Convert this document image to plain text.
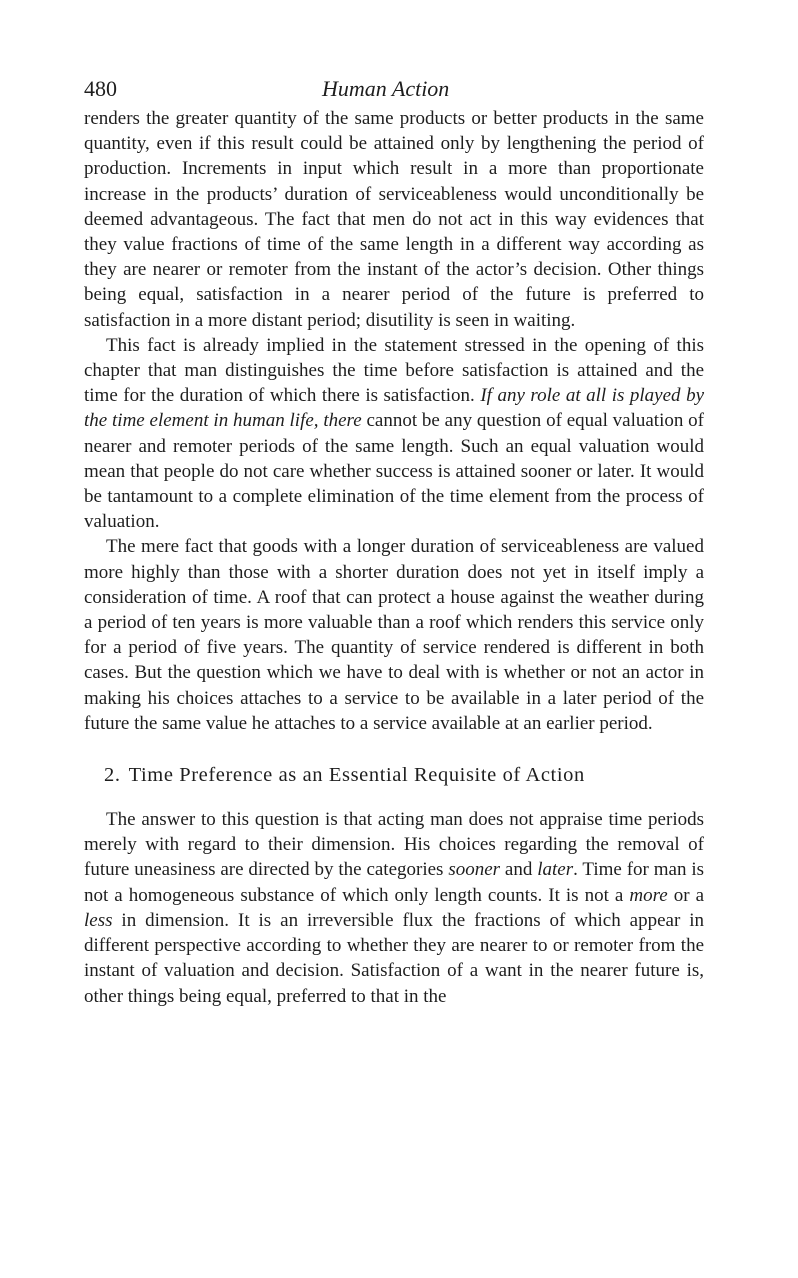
480	Human Action

renders the greater quantity of the same products or better products in the same quantity, even if this result could be attained only by lengthening the period of production. Increments in input which result in a more than proportionate increase in the products’ duration of serviceableness would unconditionally be deemed advantageous. The fact that men do not act in this way evidences that they value fractions of time of the same length in a different way according as they are nearer or remoter from the instant of the actor’s decision. Other things being equal, satisfaction in a nearer period of the future is preferred to satisfaction in a more distant period; disutility is seen in waiting.

This fact is already implied in the statement stressed in the opening of this chapter that man distinguishes the time before satisfaction is attained and the time for the duration of which there is satisfaction. If any role at all is played by the time element in human life, there cannot be any question of equal valuation of nearer and remoter periods of the same length. Such an equal valuation would mean that people do not care whether success is attained sooner or later. It would be tantamount to a complete elimination of the time element from the process of valuation.

The mere fact that goods with a longer duration of serviceableness are valued more highly than those with a shorter duration does not yet in itself imply a consideration of time. A roof that can protect a house against the weather during a period of ten years is more valuable than a roof which renders this service only for a period of five years. The quantity of service rendered is different in both cases. But the question which we have to deal with is whether or not an actor in making his choices attaches to a service to be available in a later period of the future the same value he attaches to a service available at an earlier period.

2. Time Preference as an Essential Requisite of Action

The answer to this question is that acting man does not appraise time periods merely with regard to their dimension. His choices regarding the removal of future uneasiness are directed by the categories sooner and later. Time for man is not a homogeneous substance of which only length counts. It is not a more or a less in dimension. It is an irreversible flux the fractions of which appear in different perspective according to whether they are nearer to or remoter from the instant of valuation and decision. Satisfaction of a want in the nearer future is, other things being equal, preferred to that in the
